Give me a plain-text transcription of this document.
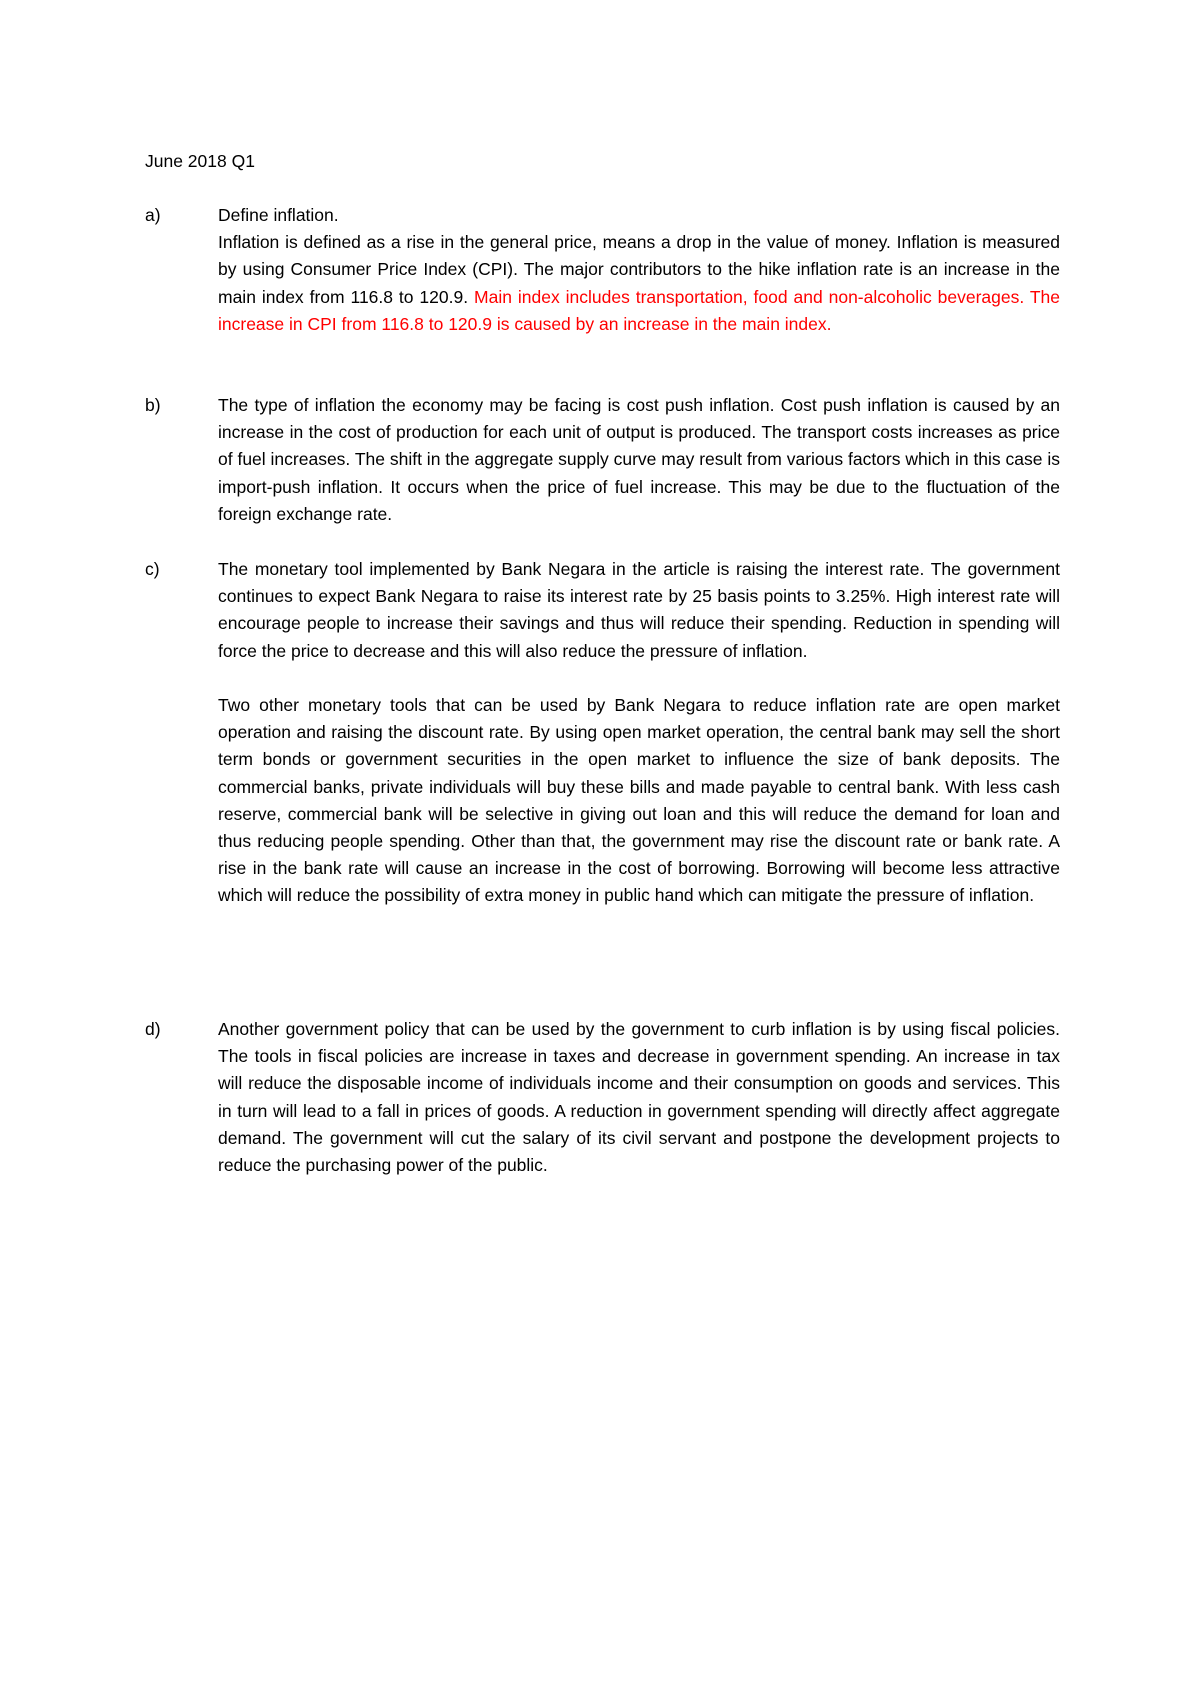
June 2018 Q1
a)	Define inflation.

Inflation is defined as a rise in the general price, means a drop in the value of money. Inflation is measured by using Consumer Price Index (CPI). The major contributors to the hike inflation rate is an increase in the main index from 116.8 to 120.9. Main index includes transportation, food and non-alcoholic beverages. The increase in CPI from 116.8 to 120.9 is caused by an increase in the main index.
b)	The type of inflation the economy may be facing is cost push inflation. Cost push inflation is caused by an increase in the cost of production for each unit of output is produced. The transport costs increases as price of fuel increases. The shift in the aggregate supply curve may result from various factors which in this case is import-push inflation. It occurs when the price of fuel increase. This may be due to the fluctuation of the foreign exchange rate.

c)	The monetary tool implemented by Bank Negara in the article is raising the interest rate. The government continues to expect Bank Negara to raise its interest rate by 25 basis points to 3.25%. High interest rate will encourage people to increase their savings and thus will reduce their spending. Reduction in spending will force the price to decrease and this will also reduce the pressure of inflation.

Two other monetary tools that can be used by Bank Negara to reduce inflation rate are open market operation and raising the discount rate. By using open market operation, the central bank may sell the short term bonds or government securities in the open market to influence the size of bank deposits. The commercial banks, private individuals will buy these bills and made payable to central bank. With less cash reserve, commercial bank will be selective in giving out loan and this will reduce the demand for loan and thus reducing people spending. Other than that, the government may rise the discount rate or bank rate. A rise in the bank rate will cause an increase in the cost of borrowing. Borrowing will become less attractive which will reduce the possibility of extra money in public hand which can mitigate the pressure of inflation.

d)	Another government policy that can be used by the government to curb inflation is by using fiscal policies. The tools in fiscal policies are increase in taxes and decrease in government spending. An increase in tax will reduce the disposable income of individuals income and their consumption on goods and services. This in turn will lead to a fall in prices of goods. A reduction in government spending will directly affect aggregate demand. The government will cut the salary of its civil servant and postpone the development projects to reduce the purchasing power of the public.
